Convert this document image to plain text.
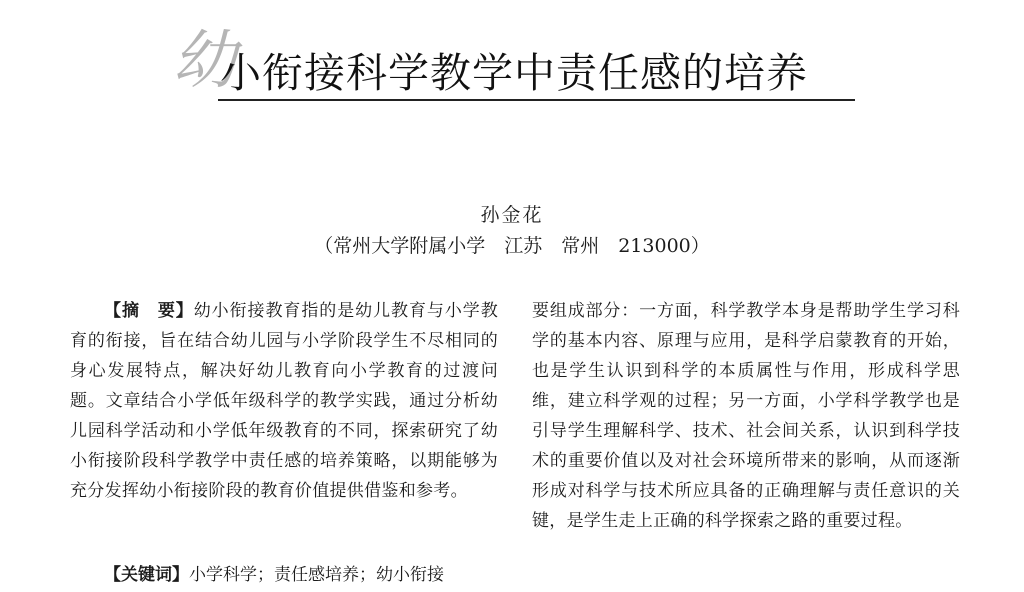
幼
小衔接科学教学中责任感的培养
孙金花
（常州大学附属小学　江苏　常州　213000）
【摘　要】幼小衔接教育指的是幼儿教育与小学教育的衔接，旨在结合幼儿园与小学阶段学生不尽相同的身心发展特点，解决好幼儿教育向小学教育的过渡问题。文章结合小学低年级科学的教学实践，通过分析幼儿园科学活动和小学低年级教育的不同，探索研究了幼小衔接阶段科学教学中责任感的培养策略，以期能够为充分发挥幼小衔接阶段的教育价值提供借鉴和参考。
【关键词】小学科学；责任感培养；幼小衔接
要组成部分：一方面，科学教学本身是帮助学生学习科学的基本内容、原理与应用，是科学启蒙教育的开始，也是学生认识到科学的本质属性与作用，形成科学思维，建立科学观的过程；另一方面，小学科学教学也是引导学生理解科学、技术、社会间关系，认识到科学技术的重要价值以及对社会环境所带来的影响，从而逐渐形成对科学与技术所应具备的正确理解与责任意识的关键，是学生走上正确的科学探索之路的重要过程。
